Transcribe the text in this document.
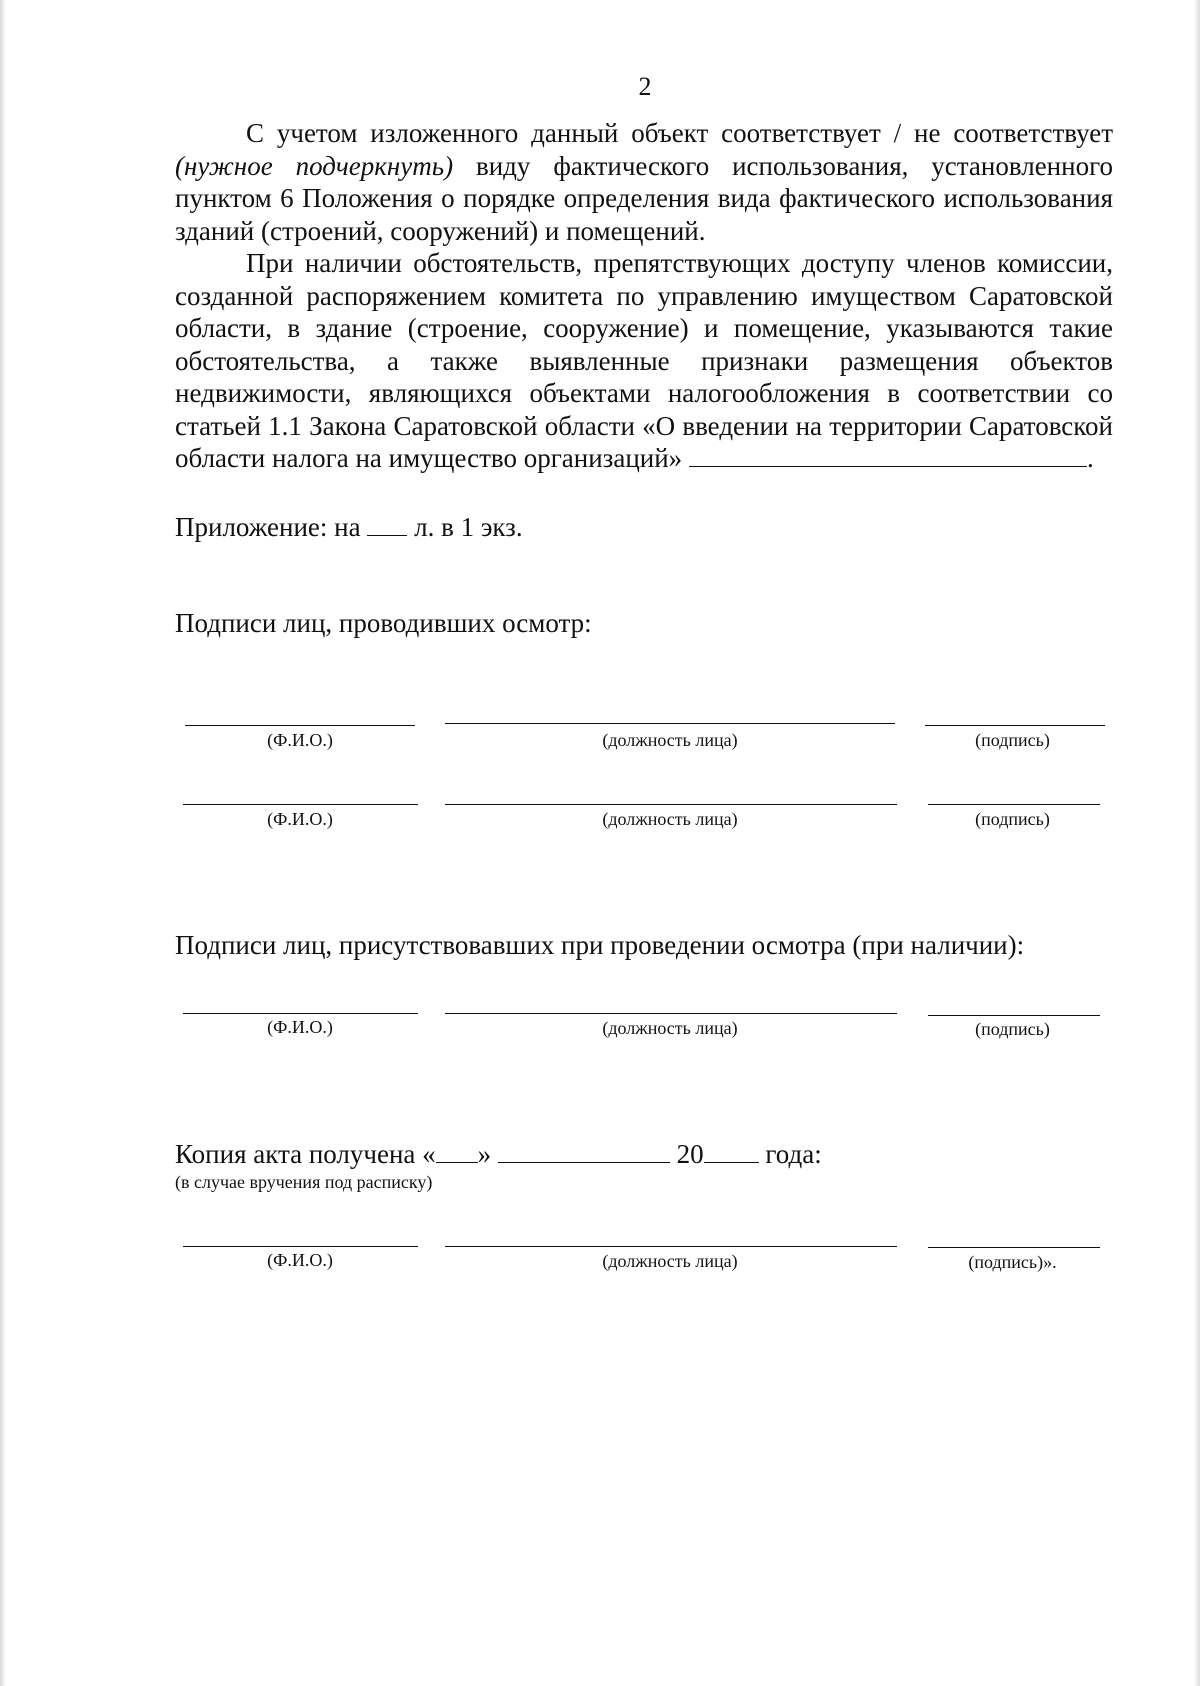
2

С учетом изложенного данный объект соответствует / не соответствует (нужное подчеркнуть) виду фактического использования, установленного пунктом 6 Положения о порядке определения вида фактического использования зданий (строений, сооружений) и помещений.

При наличии обстоятельств, препятствующих доступу членов комиссии, созданной распоряжением комитета по управлению имуществом Саратовской области, в здание (строение, сооружение) и помещение, указываются такие обстоятельства, а также выявленные признаки размещения объектов недвижимости, являющихся объектами налогообложения в соответствии со статьей 1.1 Закона Саратовской области «О введении на территории Саратовской области налога на имущество организаций»	.

Приложение: на л. в 1 экз.
Подписи лиц, проводивших осмотр:
(Ф.И.О.)	(должность лица)	(подпись)
(Ф.И.О.)	(должность лица)	(подпись)
Подписи лиц, присутствовавших при проведении осмотра (при наличии):
(Ф.И.О.)	(должность лица)	(подпись)
Копия акта получена « »	20 года:
(в случае вручения под расписку)
(Ф.И.О.)	(должность лица)	(подпись)».
